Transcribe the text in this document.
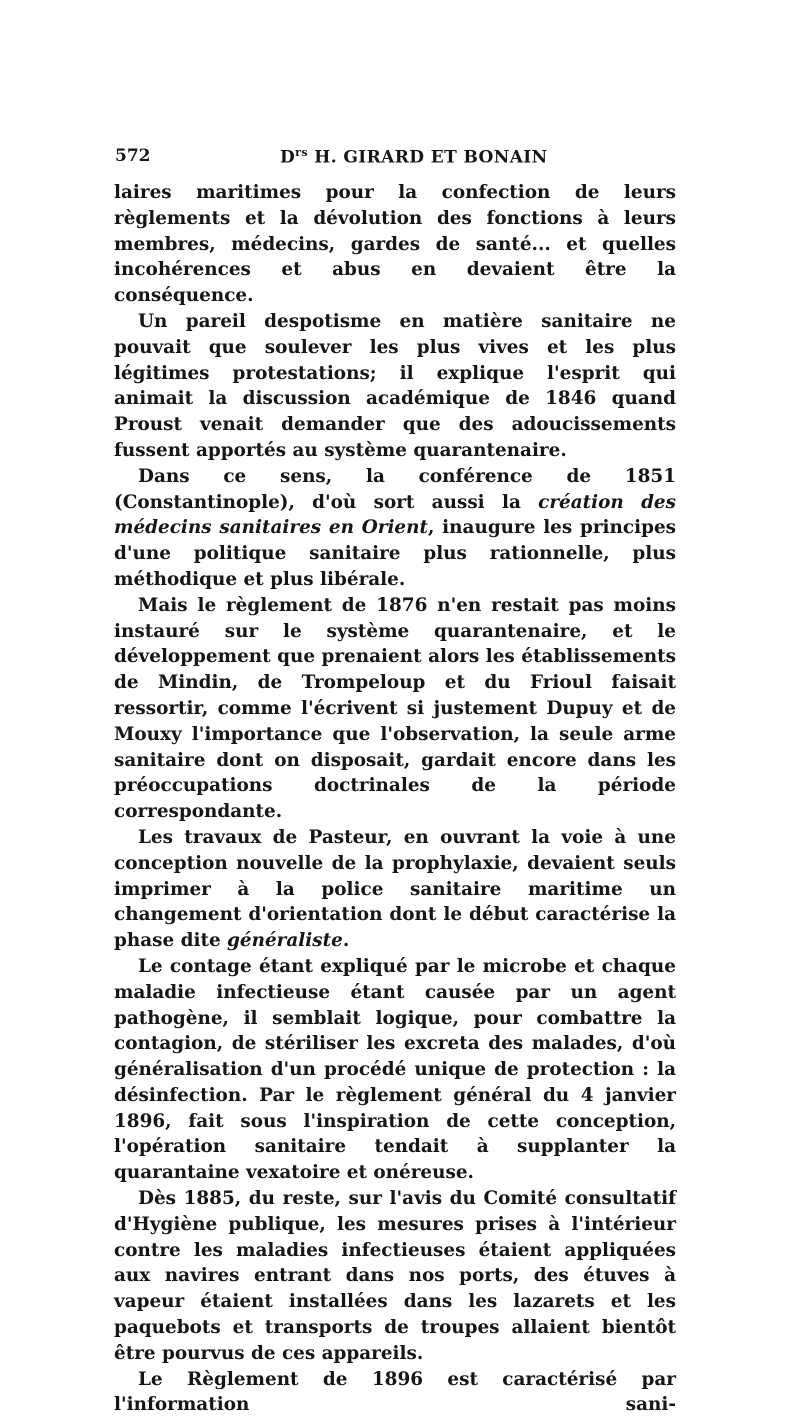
572	$D^{rs}$ H. GIRARD ET BONAIN

laires maritimes pour la confection de leurs règlements et la dévolution des fonctions à leurs membres, médecins, gardes de santé... et quelles incohérences et abus en devaient être la conséquence.

Un pareil despotisme en matière sanitaire ne pouvait que soulever les plus vives et les plus légitimes protestations; il explique l'esprit qui animait la discussion académique de 1846 quand Proust venait demander que des adoucissements fussent apportés au système quarantenaire.

Dans ce sens, la conférence de 1851 (Constantinople), d'où sort aussi la création des médecins sanitaires en Orient, inaugure les principes d'une politique sanitaire plus rationnelle, plus méthodique et plus libérale.

Mais le règlement de 1876 n'en restait pas moins instauré sur le système quarantenaire, et le développement que prenaient alors les établissements de Mindin, de Trompeloup et du Frioul faisait ressortir, comme l'écrivent si justement Dupuy et de Mouxy l'importance que l'observation, la seule arme sanitaire dont on disposait, gardait encore dans les préoccupations doctrinales de la période correspondante.

Les travaux de Pasteur, en ouvrant la voie à une conception nouvelle de la prophylaxie, devaient seuls imprimer à la police sanitaire maritime un changement d'orientation dont le début caractérise la phase dite généraliste.

Le contage étant expliqué par le microbe et chaque maladie infectieuse étant causée par un agent pathogène, il semblait logique, pour combattre la contagion, de stériliser les excreta des malades, d'où généralisation d'un procédé unique de protection : la désinfection. Par le règlement général du 4 janvier 1896, fait sous l'inspiration de cette conception, l'opération sanitaire tendait à supplanter la quarantaine vexatoire et onéreuse.

Dès 1885, du reste, sur l'avis du Comité consultatif d'Hygiène publique, les mesures prises à l'intérieur contre les maladies infectieuses étaient appliquées aux navires entrant dans nos ports, des étuves à vapeur étaient installées dans les lazarets et les paquebots et transports de troupes allaient bientôt être pourvus de ces appareils.

Le Règlement de 1896 est caractérisé par l'information sani-
